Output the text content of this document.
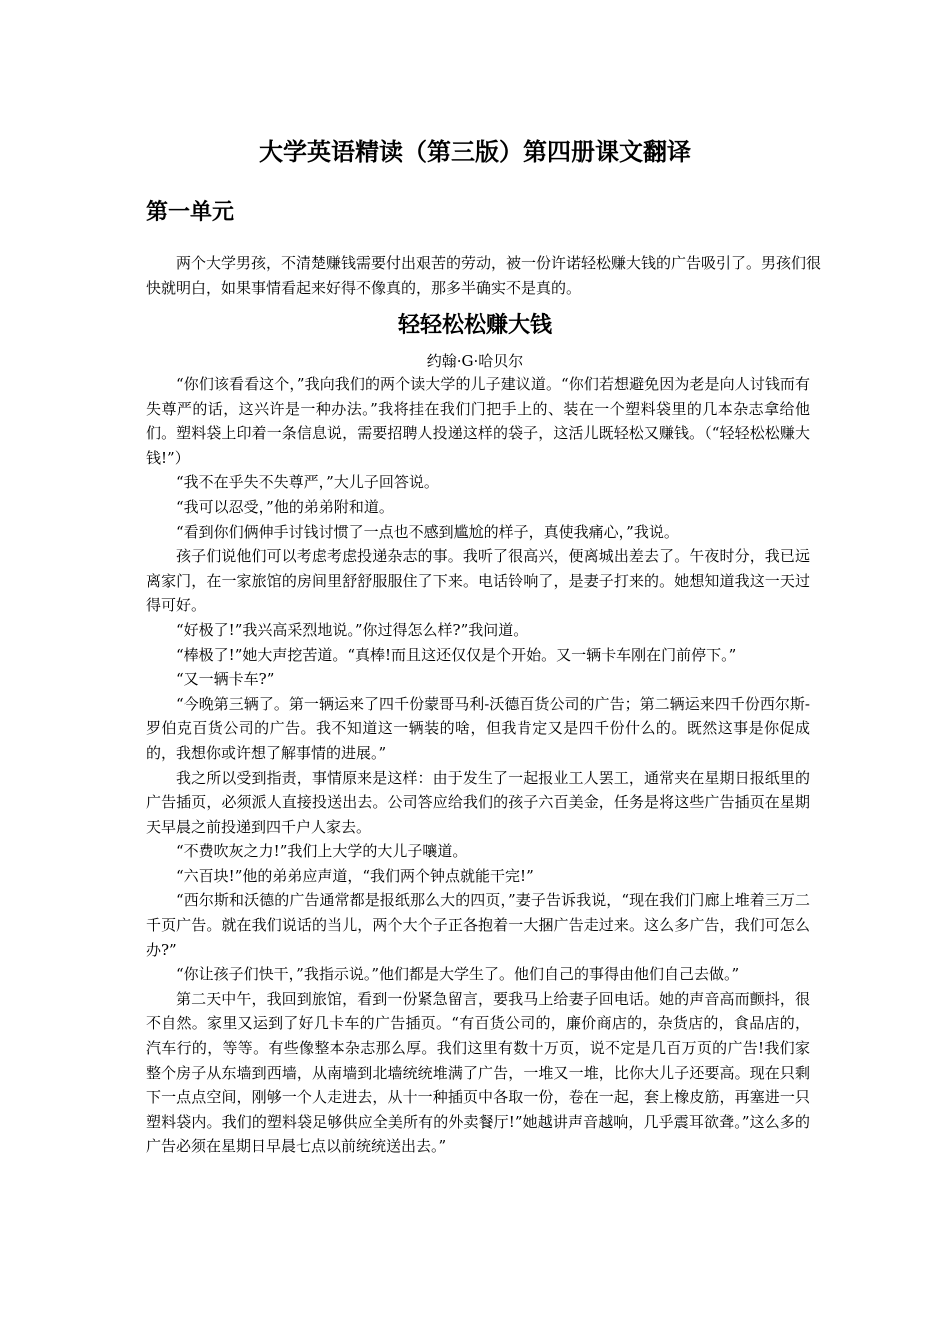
大学英语精读（第三版）第四册课文翻译
第一单元

两个大学男孩，不清楚赚钱需要付出艰苦的劳动，被一份许诺轻松赚大钱的广告吸引了。男孩们很快就明白，如果事情看起来好得不像真的，那多半确实不是真的。

轻轻松松赚大钱

约翰·G·哈贝尔

“你们该看看这个，”我向我们的两个读大学的儿子建议道。“你们若想避免因为老是向人讨钱而有失尊严的话，这兴许是一种办法。”我将挂在我们门把手上的、装在一个塑料袋里的几本杂志拿给他们。塑料袋上印着一条信息说，需要招聘人投递这样的袋子，这活儿既轻松又赚钱。（“轻轻松松赚大钱!”）

“我不在乎失不失尊严，”大儿子回答说。

“我可以忍受，”他的弟弟附和道。

“看到你们俩伸手讨钱讨惯了一点也不感到尴尬的样子，真使我痛心，”我说。

孩子们说他们可以考虑考虑投递杂志的事。我听了很高兴，便离城出差去了。午夜时分，我已远离家门，在一家旅馆的房间里舒舒服服住了下来。电话铃响了，是妻子打来的。她想知道我这一天过得可好。

“好极了!”我兴高采烈地说。”你过得怎么样?”我问道。

“棒极了!”她大声挖苦道。“真棒!而且这还仅仅是个开始。又一辆卡车刚在门前停下。”

“又一辆卡车?”

“今晚第三辆了。第一辆运来了四千份蒙哥马利-沃德百货公司的广告；第二辆运来四千份西尔斯-罗伯克百货公司的广告。我不知道这一辆装的啥，但我肯定又是四千份什么的。既然这事是你促成的，我想你或许想了解事情的进展。”

我之所以受到指责，事情原来是这样：由于发生了一起报业工人罢工，通常夹在星期日报纸里的广告插页，必须派人直接投送出去。公司答应给我们的孩子六百美金，任务是将这些广告插页在星期天早晨之前投递到四千户人家去。

“不费吹灰之力!”我们上大学的大儿子嚷道。

“六百块!”他的弟弟应声道，“我们两个钟点就能干完!”

“西尔斯和沃德的广告通常都是报纸那么大的四页，”妻子告诉我说，“现在我们门廊上堆着三万二千页广告。就在我们说话的当儿，两个大个子正各抱着一大捆广告走过来。这么多广告，我们可怎么办?”

“你让孩子们快干，”我指示说。”他们都是大学生了。他们自己的事得由他们自己去做。”

第二天中午，我回到旅馆，看到一份紧急留言，要我马上给妻子回电话。她的声音高而颤抖，很不自然。家里又运到了好几卡车的广告插页。“有百货公司的，廉价商店的，杂货店的，食品店的，汽车行的，等等。有些像整本杂志那么厚。我们这里有数十万页，说不定是几百万页的广告!我们家整个房子从东墙到西墙，从南墙到北墙统统堆满了广告，一堆又一堆，比你大儿子还要高。现在只剩下一点点空间，刚够一个人走进去，从十一种插页中各取一份，卷在一起，套上橡皮筋，再塞进一只塑料袋内。我们的塑料袋足够供应全美所有的外卖餐厅!”她越讲声音越响，几乎震耳欲聋。”这么多的广告必须在星期日早晨七点以前统统送出去。”
